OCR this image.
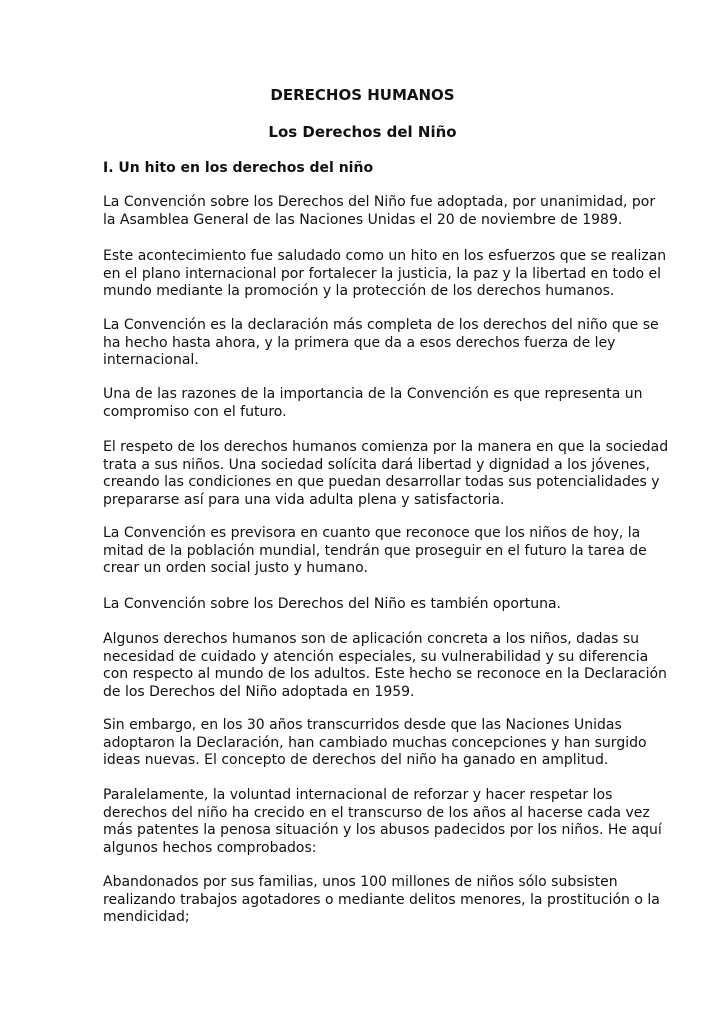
DERECHOS HUMANOS
Los Derechos del Niño
I. Un hito en los derechos del niño

La Convención sobre los Derechos del Niño fue adoptada, por unanimidad, por
la Asamblea General de las Naciones Unidas el 20 de noviembre de 1989.

Este acontecimiento fue saludado como un hito en los esfuerzos que se realizan
en el plano internacional por fortalecer la justicia, la paz y la libertad en todo el
mundo mediante la promoción y la protección de los derechos humanos.

La Convención es la declaración más completa de los derechos del niño que se
ha hecho hasta ahora, y la primera que da a esos derechos fuerza de ley
internacional.

Una de las razones de la importancia de la Convención es que representa un
compromiso con el futuro.

El respeto de los derechos humanos comienza por la manera en que la sociedad
trata a sus niños. Una sociedad solícita dará libertad y dignidad a los jóvenes,
creando las condiciones en que puedan desarrollar todas sus potencialidades y
prepararse así para una vida adulta plena y satisfactoria.

La Convención es previsora en cuanto que reconoce que los niños de hoy, la
mitad de la población mundial, tendrán que proseguir en el futuro la tarea de
crear un orden social justo y humano.

La Convención sobre los Derechos del Niño es también oportuna.

Algunos derechos humanos son de aplicación concreta a los niños, dadas su
necesidad de cuidado y atención especiales, su vulnerabilidad y su diferencia
con respecto al mundo de los adultos. Este hecho se reconoce en la Declaración
de los Derechos del Niño adoptada en 1959.

Sin embargo, en los 30 años transcurridos desde que las Naciones Unidas
adoptaron la Declaración, han cambiado muchas concepciones y han surgido
ideas nuevas. El concepto de derechos del niño ha ganado en amplitud.

Paralelamente, la voluntad internacional de reforzar y hacer respetar los
derechos del niño ha crecido en el transcurso de los años al hacerse cada vez
más patentes la penosa situación y los abusos padecidos por los niños. He aquí
algunos hechos comprobados:

Abandonados por sus familias, unos 100 millones de niños sólo subsisten
realizando trabajos agotadores o mediante delitos menores, la prostitución o la
mendicidad;
